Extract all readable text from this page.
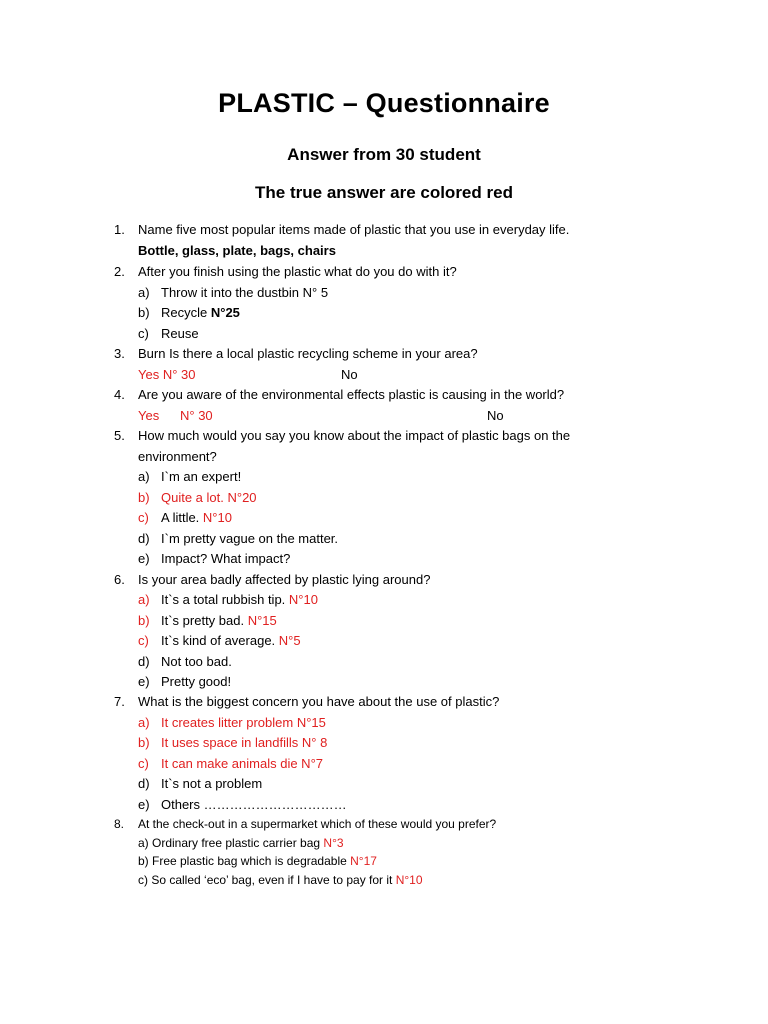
PLASTIC – Questionnaire
Answer from 30 student
The true answer are colored red
1. Name five most popular items made of plastic that you use in everyday life.
Bottle, glass, plate, bags, chairs
2. After you finish using the plastic what do you do with it?
a) Throw it into the dustbin N° 5
b) Recycle N°25
c) Reuse
3. Burn Is there a local plastic recycling scheme in your area?
Yes N° 30	No
4. Are you aware of the environmental effects plastic is causing in the world?
Yes N° 30	No
5. How much would you say you know about the impact of plastic bags on the
environment?
a) I`m an expert!
b) Quite a lot. N°20
c) A little. N°10
d) I`m pretty vague on the matter.
e) Impact? What impact?
6. Is your area badly affected by plastic lying around?
a) It`s a total rubbish tip. N°10
b) It`s pretty bad. N°15
c) It`s kind of average. N°5
d) Not too bad.
e) Pretty good!
7. What is the biggest concern you have about the use of plastic?
a) It creates litter problem N°15
b) It uses space in landfills N° 8
c) It can make animals die N°7
d) It`s not a problem
e) Others ……………………………
8. At the check-out in a supermarket which of these would you prefer?
a) Ordinary free plastic carrier bag N°3
b) Free plastic bag which is degradable N°17
c) So called ‘eco’ bag, even if I have to pay for it N°10
